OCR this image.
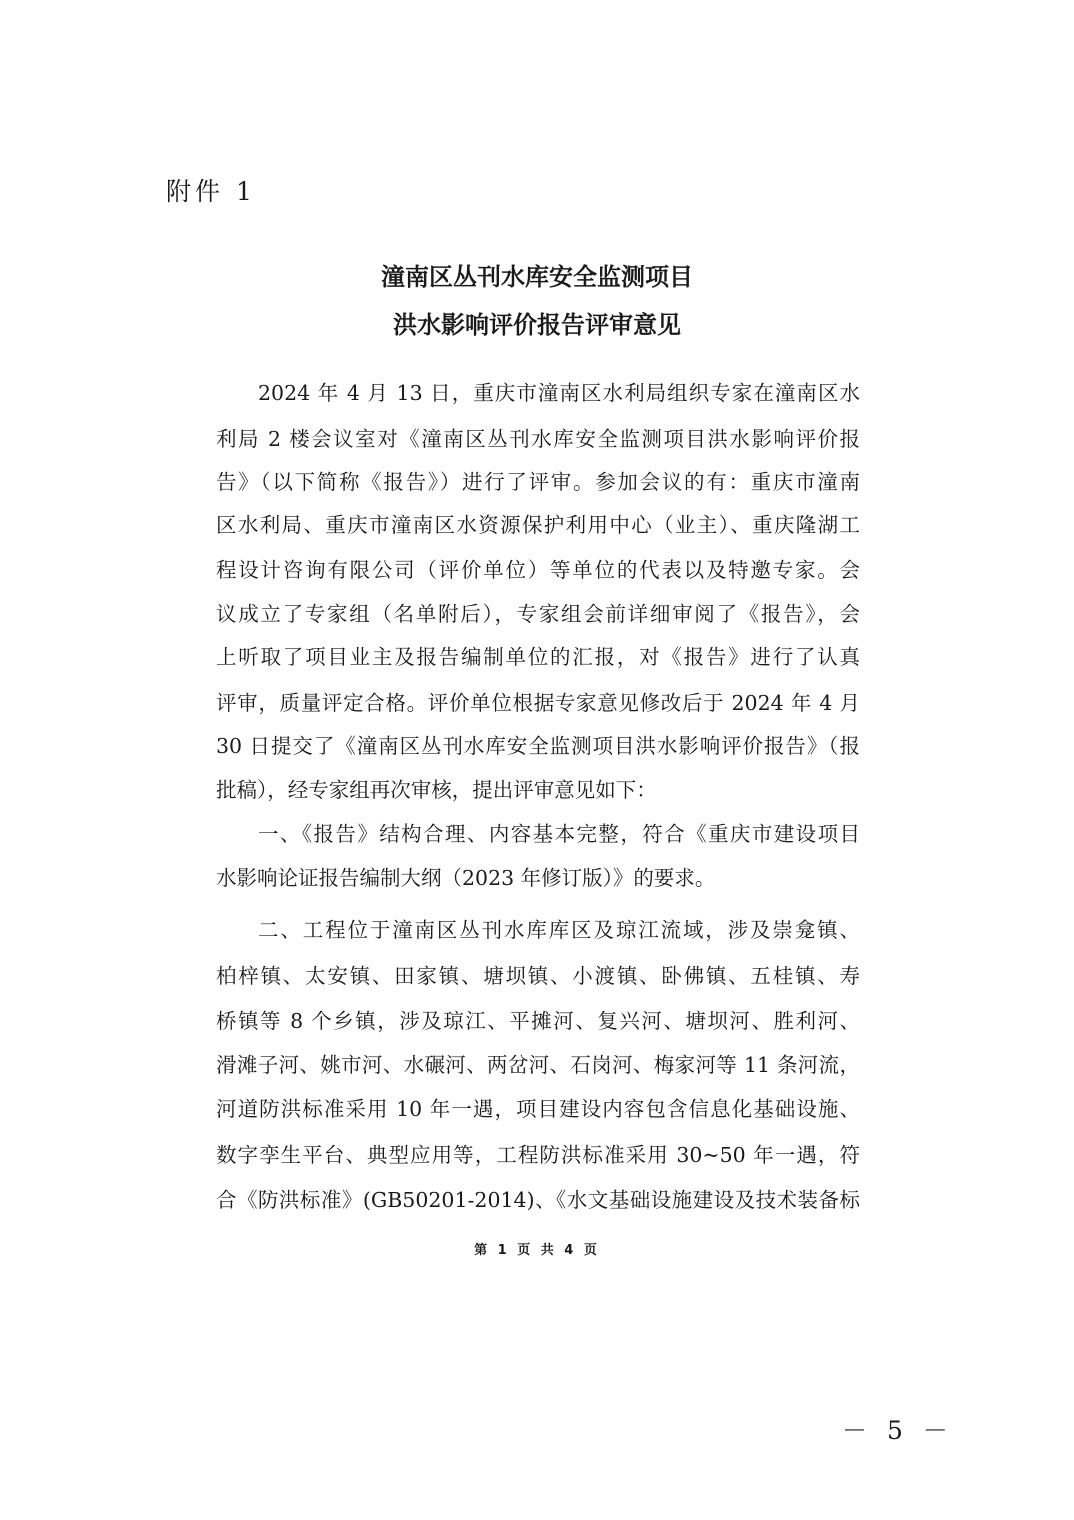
附件 1
潼南区丛刊水库安全监测项目
洪水影响评价报告评审意见
2024 年 4 月 13 日，重庆市潼南区水利局组织专家在潼南区水
利局 2 楼会议室对《潼南区丛刊水库安全监测项目洪水影响评价报
告》（以下简称《报告》）进行了评审。参加会议的有：重庆市潼南
区水利局、重庆市潼南区水资源保护利用中心（业主）、重庆隆湖工
程设计咨询有限公司（评价单位）等单位的代表以及特邀专家。会
议成立了专家组（名单附后），专家组会前详细审阅了《报告》，会
上听取了项目业主及报告编制单位的汇报，对《报告》进行了认真
评审，质量评定合格。评价单位根据专家意见修改后于 2024 年 4 月
30 日提交了《潼南区丛刊水库安全监测项目洪水影响评价报告》（报
批稿），经专家组再次审核，提出评审意见如下：
一、《报告》结构合理、内容基本完整，符合《重庆市建设项目
水影响论证报告编制大纲（2023 年修订版）》的要求。
二、工程位于潼南区丛刊水库库区及琼江流域，涉及崇龛镇、
柏梓镇、太安镇、田家镇、塘坝镇、小渡镇、卧佛镇、五桂镇、寿
桥镇等 8 个乡镇，涉及琼江、平摊河、复兴河、塘坝河、胜利河、
滑滩子河、姚市河、水碾河、两岔河、石岗河、梅家河等 11 条河流，
河道防洪标准采用 10 年一遇，项目建设内容包含信息化基础设施、
数字孪生平台、典型应用等，工程防洪标准采用 30~50 年一遇，符
合《防洪标准》(GB50201-2014)、《水文基础设施建设及技术装备标
第 1 页 共 4 页
－ 5 －
